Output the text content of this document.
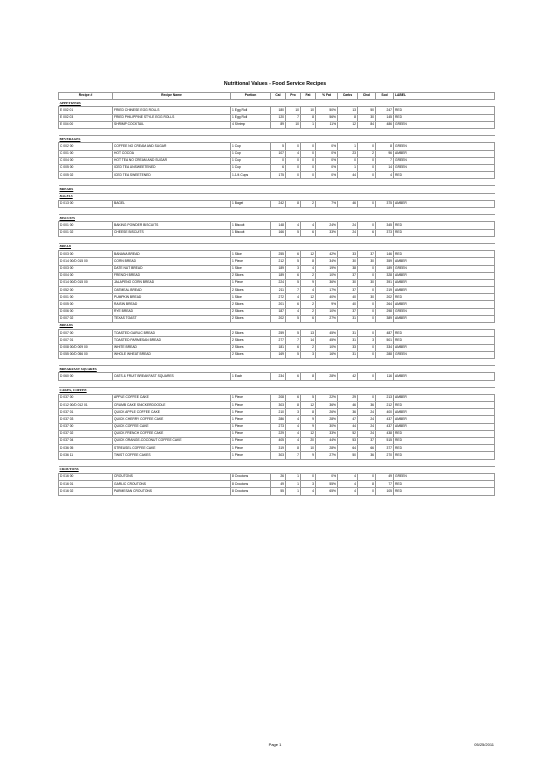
Nutritional Values - Food Service Recipes
Recipe #	Recipe Name	Portion	Cal	Pro	Fat	% Fat	Carbs	Chol	Sod	LABEL
APPETIZERS										
E 002 01	FRIED CHINESE EGG ROLLS	1 Egg Roll	180	10	10	50%	13	50	247	RED
E 002 03	FRIED PHILIPPINE STYLE EGG ROLLS	1 Egg Roll	120	7	8	56%	8	30	145	RED
E 004 00	SHRIMP COCKTAIL	4 Shrimp	89	10	1	11%	12	84	486	GREEN

BEVERAGES										
C 002 00	COFFEE NO CREAM AND SUGAR	1 Cup	5	0	0	0%	1	0	8	GREEN
C 001 00	HOT COCOA	1 Cup	107	4	0	0%	23	2	96	AMBER
C 004 00	HOT TEA NO CREAM AND SUGAR	1 Cup	0	0	0	0%	0	0	7	GREEN
C 005 00	ICED TEA UNSWEETENED	1 Cup	6	0	0	0%	1	0	14	GREEN
C 005 02	ICED TEA SWEETENED	1-1/4 Cups	175	0	0	0%	44	0	4	RED

BREADS										
BAGELS										
D 013 00	BAGEL	1 Bagel	242	8	2	7%	46	0	375	AMBER

BISCUITS										
D 001 00	BAKING POWDER BISCUITS	1 Biscuit	148	4	4	24%	24	0	345	RED
D 001 02	CHEESE BISCUITS	1 Biscuit	166	5	6	33%	24	6	373	RED

BREAD										
D 003 00	BANANA BREAD	1 Slice	255	6	12	42%	33	37	146	RED
D 014 00/D 015 00	CORN BREAD	1 Piece	212	5	8	34%	30	30	359	AMBER
D 003 00	DATE NUT BREAD	1 Slice	189	3	4	19%	38	0	189	GREEN
D 004 00	FRENCH BREAD	2 Slices	189	6	2	10%	37	0	328	AMBER
D 014 00/D 015 00	JALAPENO CORN BREAD	1 Piece	224	5	9	36%	30	30	391	AMBER
D 052 00	OATMEAL BREAD	2 Slices	211	7	4	17%	37	0	219	AMBER
D 001 00	PUMPKIN BREAD	1 Slice	272	4	12	40%	40	30	202	RED
D 005 00	RAISIN BREAD	2 Slices	201	6	2	9%	40	0	264	AMBER
D 006 00	RYE BREAD	2 Slices	187	4	2	10%	37	0	298	GREEN
D 007 02	TEXAS TOAST	2 Slices	202	5	6	27%	31	0	389	AMBER
BREADS										
D 007 00	TOASTED GARLIC BREAD	2 Slices	259	5	13	45%	31	0	487	RED
D 007 01	TOASTED PARMESAN BREAD	2 Slices	277	7	14	45%	31	3	501	RED
D 008 00/D 009 00	WHITE BREAD	2 Slices	181	6	2	10%	33	0	334	AMBER
D 055 00/D 056 00	WHOLE WHEAT BREAD	2 Slices	169	5	3	16%	31	0	288	GREEN

BREAKFAST SQUARES										
D 060 00	OATS & FRUIT BREAKFAST SQUARES	1 Each	234	6	8	28%	42	0	116	AMBER

CAKES, COFFEE										
D 037 00	APPLE COFFEE CAKE	1 Piece	208	6	5	22%	29	0	213	AMBER
D 012 00/D 012 01	CRUMB CAKE SNICKERDOODLE	1 Piece	303	8	12	36%	46	36	212	RED
D 037 01	QUICK APPLE COFFEE CAKE	1 Piece	210	3	8	26%	36	24	400	AMBER
D 037 03	QUICK CHERRY COFFEE CAKE	1 Piece	286	4	9	28%	47	24	437	AMBER
D 037 00	QUICK COFFEE CAKE	1 Piece	273	4	9	30%	44	24	437	AMBER
D 037 02	QUICK FRENCH COFFEE CAKE	1 Piece	229	4	12	33%	52	24	438	RED
D 037 04	QUICK ORANGE-COCONUT COFFEE CAKE	1 Piece	405	4	20	44%	53	37	515	RED
D 036 05	STREUSEL COFFEE CAKE	1 Piece	319	8	10	28%	64	66	377	RED
D 036 11	TWIST COFFEE CAKES	1 Piece	303	7	9	27%	50	36	270	RED

CROUTONS										
D 016 00	CROUTONS	8 Croutons	26	1	0	0%	4	0	49	GREEN
D 016 01	GARLIC CROUTONS	8 Croutons	49	1	3	55%	4	8	77	RED
D 016 02	PARMESAN CROUTONS	8 Croutons	55	1	4	65%	4	0	105	RED
Page 1	05/25/2011
